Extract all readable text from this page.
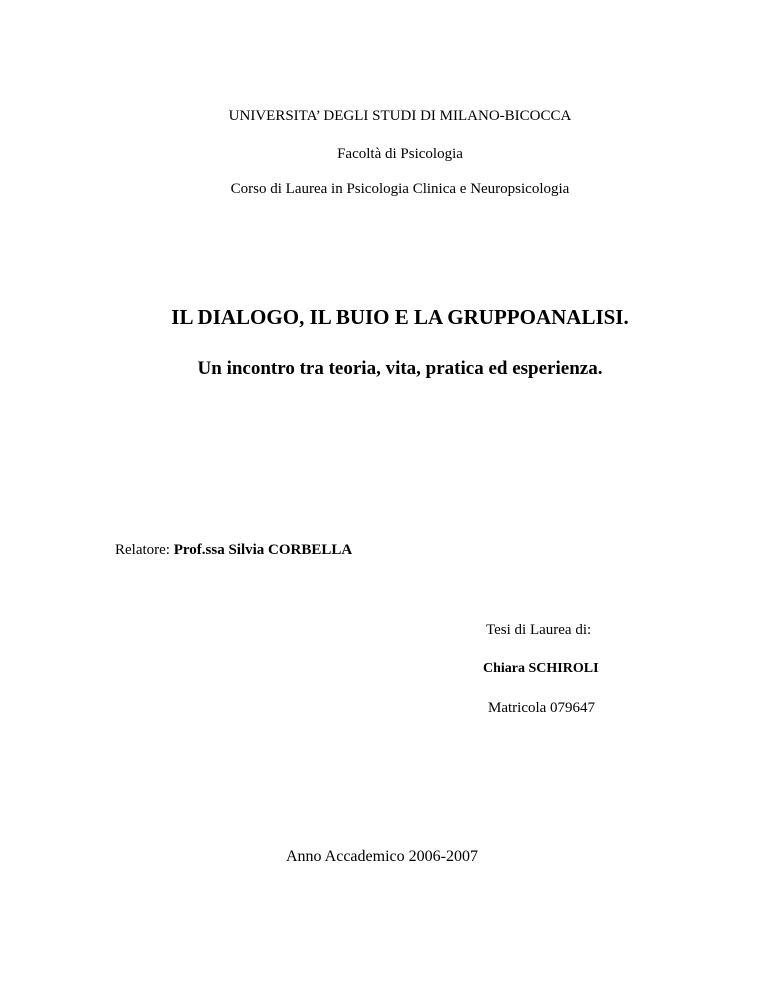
UNIVERSITA’ DEGLI STUDI DI MILANO-BICOCCA
Facoltà di Psicologia
Corso di Laurea in Psicologia Clinica e Neuropsicologia
IL DIALOGO, IL BUIO E LA GRUPPOANALISI.
Un incontro tra teoria, vita, pratica ed esperienza.
Relatore: Prof.ssa Silvia CORBELLA
Tesi di Laurea di:
Chiara SCHIROLI
Matricola 079647
Anno Accademico 2006-2007
